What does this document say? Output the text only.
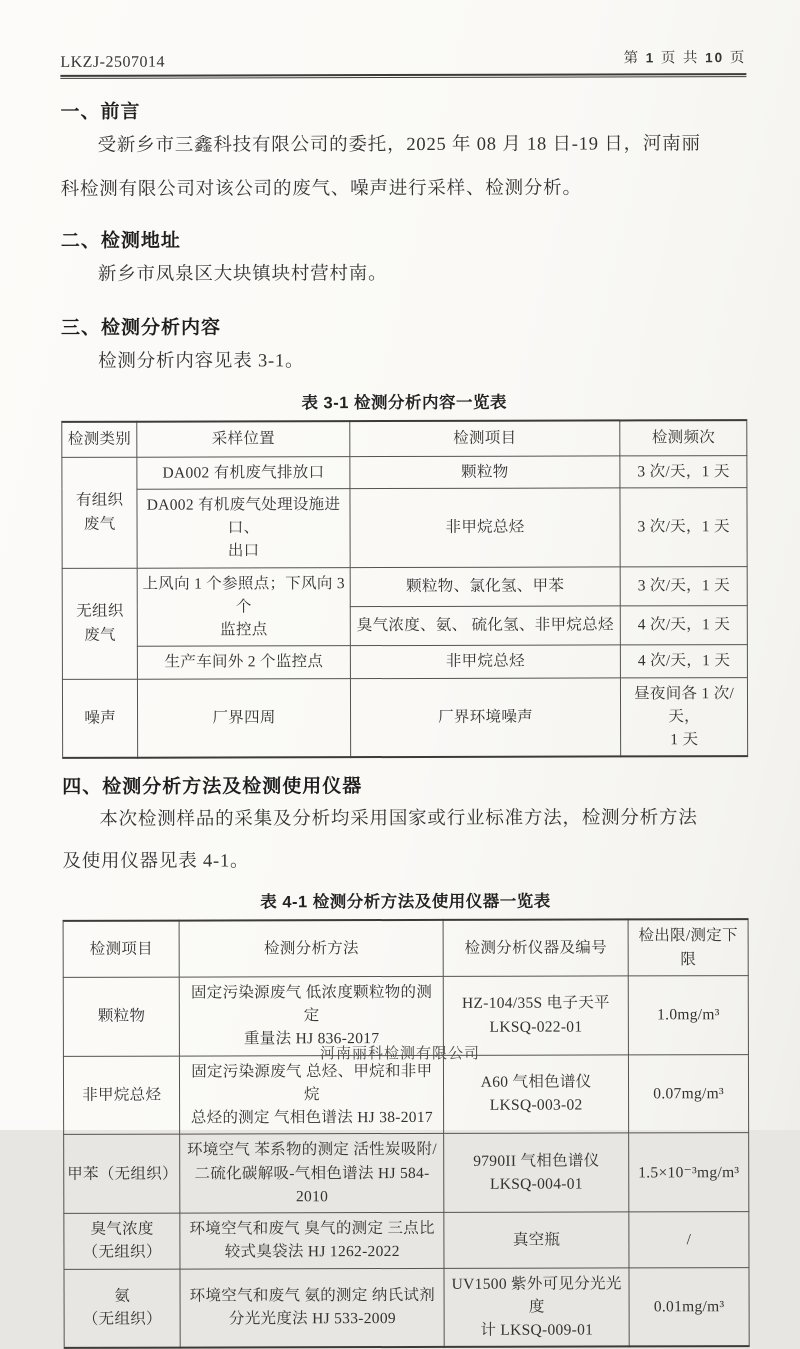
LKZJ-2507014	第 1 页 共 10 页
一、前言
受新乡市三鑫科技有限公司的委托，2025 年 08 月 18 日-19 日，河南丽
科检测有限公司对该公司的废气、噪声进行采样、检测分析。
二、检测地址
新乡市凤泉区大块镇块村营村南。
三、检测分析内容
检测分析内容见表 3-1。
表 3-1 检测分析内容一览表
检测类别	采样位置	检测项目	检测频次
有组织
废气	DA002 有机废气排放口	颗粒物	3 次/天，1 天
	DA002 有机废气处理设施进口、
出口	非甲烷总烃	3 次/天，1 天
无组织
废气	上风向 1 个参照点；下风向 3 个
监控点	颗粒物、氯化氢、甲苯	3 次/天，1 天
		臭气浓度、氨、 硫化氢、非甲烷总烃	4 次/天，1 天
	生产车间外 2 个监控点	非甲烷总烃	4 次/天，1 天
噪声	厂界四周	厂界环境噪声	昼夜间各 1 次/天，
1 天
四、检测分析方法及检测使用仪器
本次检测样品的采集及分析均采用国家或行业标准方法，检测分析方法
及使用仪器见表 4-1。
表 4-1 检测分析方法及使用仪器一览表
检测项目	检测分析方法	检测分析仪器及编号	检出限/测定下限
颗粒物	固定污染源废气 低浓度颗粒物的测定
重量法 HJ 836-2017	HZ-104/35S 电子天平
LKSQ-022-01	1.0mg/m³
非甲烷总烃	固定污染源废气 总烃、甲烷和非甲烷
总烃的测定 气相色谱法 HJ 38-2017	A60 气相色谱仪
LKSQ-003-02	0.07mg/m³
甲苯（无组织）	环境空气 苯系物的测定 活性炭吸附/
二硫化碳解吸-气相色谱法 HJ 584-2010	9790II 气相色谱仪
LKSQ-004-01	1.5×10⁻³mg/m³
臭气浓度
（无组织）	环境空气和废气 臭气的测定 三点比
较式臭袋法 HJ 1262-2022	真空瓶	/
氨
（无组织）	环境空气和废气 氨的测定 纳氏试剂
分光光度法 HJ 533-2009	UV1500 紫外可见分光光度
计 LKSQ-009-01	0.01mg/m³
河南丽科检测有限公司
